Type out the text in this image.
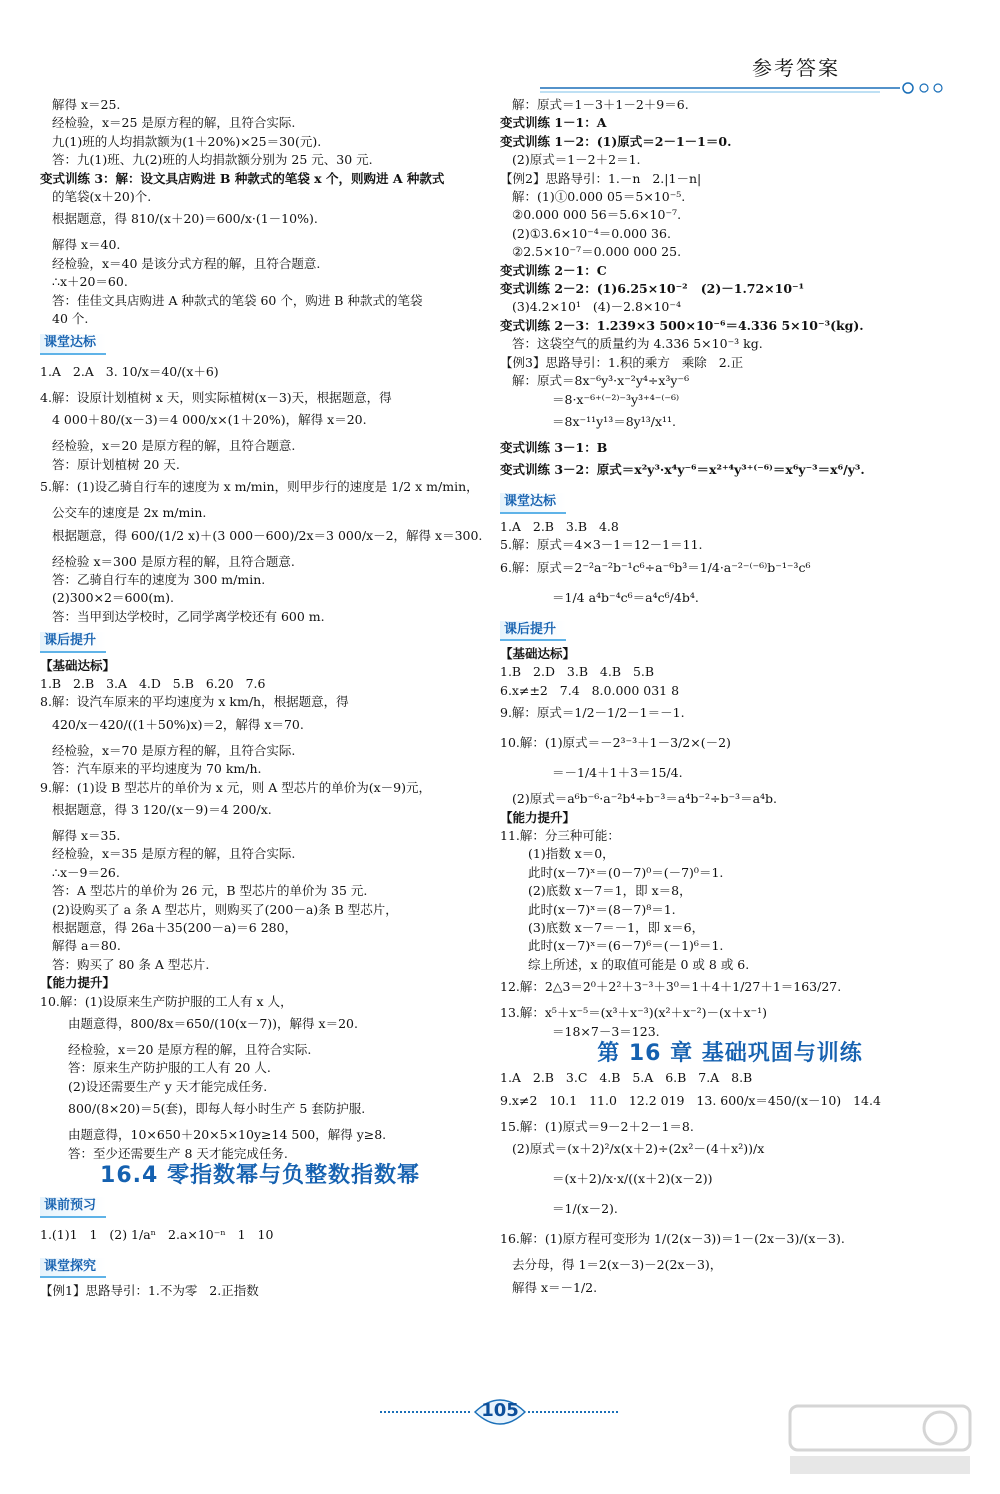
参考答案
解得 x＝25.
经检验，x＝25 是原方程的解，且符合实际.
九(1)班的人均捐款额为(1＋20%)×25＝30(元).
答：九(1)班、九(2)班的人均捐款额分别为 25 元、30 元.
变式训练 3：解：设文具店购进 B 种款式的笔袋 x 个，则购进 A 种款式
的笔袋(x＋20)个.
根据题意，得 810/(x＋20)＝600/x·(1－10%).
解得 x＝40.
经检验，x＝40 是该分式方程的解，且符合题意.
∴x＋20＝60.
答：佳佳文具店购进 A 种款式的笔袋 60 个，购进 B 种款式的笔袋
40 个.
课堂达标
1.A   2.A   3. 10/x＝40/(x＋6)
4.解：设原计划植树 x 天，则实际植树(x－3)天，根据题意，得
4 000＋80/(x－3)＝4 000/x×(1＋20%)，解得 x＝20.
经检验，x＝20 是原方程的解，且符合题意.
答：原计划植树 20 天.
5.解：(1)设乙骑自行车的速度为 x m/min，则甲步行的速度是 1/2 x m/min，
公交车的速度是 2x m/min.
根据题意，得 600/(1/2 x)＋(3 000－600)/2x＝3 000/x－2，解得 x＝300.
经检验 x＝300 是原方程的解，且符合题意.
答：乙骑自行车的速度为 300 m/min.
(2)300×2＝600(m).
答：当甲到达学校时，乙同学离学校还有 600 m.
课后提升
【基础达标】
1.B   2.B   3.A   4.D   5.B   6.20   7.6
8.解：设汽车原来的平均速度为 x km/h，根据题意，得
420/x－420/((1＋50%)x)＝2，解得 x＝70.
经检验，x＝70 是原方程的解，且符合实际.
答：汽车原来的平均速度为 70 km/h.
9.解：(1)设 B 型芯片的单价为 x 元，则 A 型芯片的单价为(x－9)元，
根据题意，得 3 120/(x－9)＝4 200/x.
解得 x＝35.
经检验，x＝35 是原方程的解，且符合实际.
∴x－9＝26.
答：A 型芯片的单价为 26 元，B 型芯片的单价为 35 元.
(2)设购买了 a 条 A 型芯片，则购买了(200－a)条 B 型芯片，
根据题意，得 26a＋35(200－a)＝6 280，
解得 a＝80.
答：购买了 80 条 A 型芯片.
【能力提升】
10.解：(1)设原来生产防护服的工人有 x 人，
由题意得，800/8x＝650/(10(x－7))，解得 x＝20.
经检验，x＝20 是原方程的解，且符合实际.
答：原来生产防护服的工人有 20 人.
(2)设还需要生产 y 天才能完成任务.
800/(8×20)＝5(套)，即每人每小时生产 5 套防护服.
由题意得，10×650＋20×5×10y≥14 500，解得 y≥8.
答：至少还需要生产 8 天才能完成任务.
16.4 零指数幂与负整数指数幂
课前预习
1.(1)1   1   (2) 1/aⁿ   2.a×10⁻ⁿ   1   10
课堂探究
【例1】思路导引：1.不为零   2.正指数
解：原式＝1－3＋1－2＋9＝6.
变式训练 1－1：A
变式训练 1－2：(1)原式＝2－1－1＝0.
(2)原式＝1－2＋2＝1.
【例2】思路导引：1.－n   2.|1－n|
解：(1)①0.000 05＝5×10⁻⁵.
②0.000 000 56＝5.6×10⁻⁷.
(2)①3.6×10⁻⁴＝0.000 36.
②2.5×10⁻⁷＝0.000 000 25.
变式训练 2－1：C
变式训练 2－2：(1)6.25×10⁻²   (2)－1.72×10⁻¹
(3)4.2×10¹   (4)－2.8×10⁻⁴
变式训练 2－3：1.239×3 500×10⁻⁶＝4.336 5×10⁻³(kg).
答：这袋空气的质量约为 4.336 5×10⁻³ kg.
【例3】思路导引：1.积的乘方   乘除   2.正
解：原式＝8x⁻⁶y³·x⁻²y⁴÷x³y⁻⁶
＝8·x⁻⁶⁺⁽⁻²⁾⁻³y³⁺⁴⁻⁽⁻⁶⁾
＝8x⁻¹¹y¹³＝8y¹³/x¹¹.
变式训练 3－1：B
变式训练 3－2：原式＝x²y³·x⁴y⁻⁶＝x²⁺⁴y³⁺⁽⁻⁶⁾＝x⁶y⁻³＝x⁶/y³.
课堂达标
1.A   2.B   3.B   4.8
5.解：原式＝4×3－1＝12－1＝11.
6.解：原式＝2⁻²a⁻²b⁻¹c⁶÷a⁻⁶b³＝1/4·a⁻²⁻⁽⁻⁶⁾b⁻¹⁻³c⁶
＝1/4 a⁴b⁻⁴c⁶＝a⁴c⁶/4b⁴.
课后提升
【基础达标】
1.B   2.D   3.B   4.B   5.B
6.x≠±2   7.4   8.0.000 031 8
9.解：原式＝1/2－1/2－1＝－1.
10.解：(1)原式＝－2³⁻³＋1－3/2×(－2)
＝－1/4＋1＋3＝15/4.
(2)原式＝a⁶b⁻⁶·a⁻²b⁴÷b⁻³＝a⁴b⁻²÷b⁻³＝a⁴b.
【能力提升】
11.解：分三种可能：
(1)指数 x＝0，
此时(x－7)ˣ＝(0－7)⁰＝(－7)⁰＝1.
(2)底数 x－7＝1，即 x＝8，
此时(x－7)ˣ＝(8－7)⁸＝1.
(3)底数 x－7＝－1，即 x＝6，
此时(x－7)ˣ＝(6－7)⁶＝(－1)⁶＝1.
综上所述，x 的取值可能是 0 或 8 或 6.
12.解：2△3＝2⁰＋2²＋3⁻³＋3⁰＝1＋4＋1/27＋1＝163/27.
13.解：x⁵＋x⁻⁵＝(x³＋x⁻³)(x²＋x⁻²)－(x＋x⁻¹)
＝18×7－3＝123.
第 16 章 基础巩固与训练
1.A   2.B   3.C   4.B   5.A   6.B   7.A   8.B
9.x≠2   10.1   11.0   12.2 019   13. 600/x＝450/(x－10)   14.4
15.解：(1)原式＝9－2＋2－1＝8.
(2)原式＝(x＋2)²/x(x＋2)÷(2x²－(4＋x²))/x
＝(x＋2)/x·x/((x＋2)(x－2))
＝1/(x－2).
16.解：(1)原方程可变形为 1/(2(x－3))＝1－(2x－3)/(x－3).
去分母，得 1＝2(x－3)－2(2x－3)，
解得 x＝－1/2.
105
